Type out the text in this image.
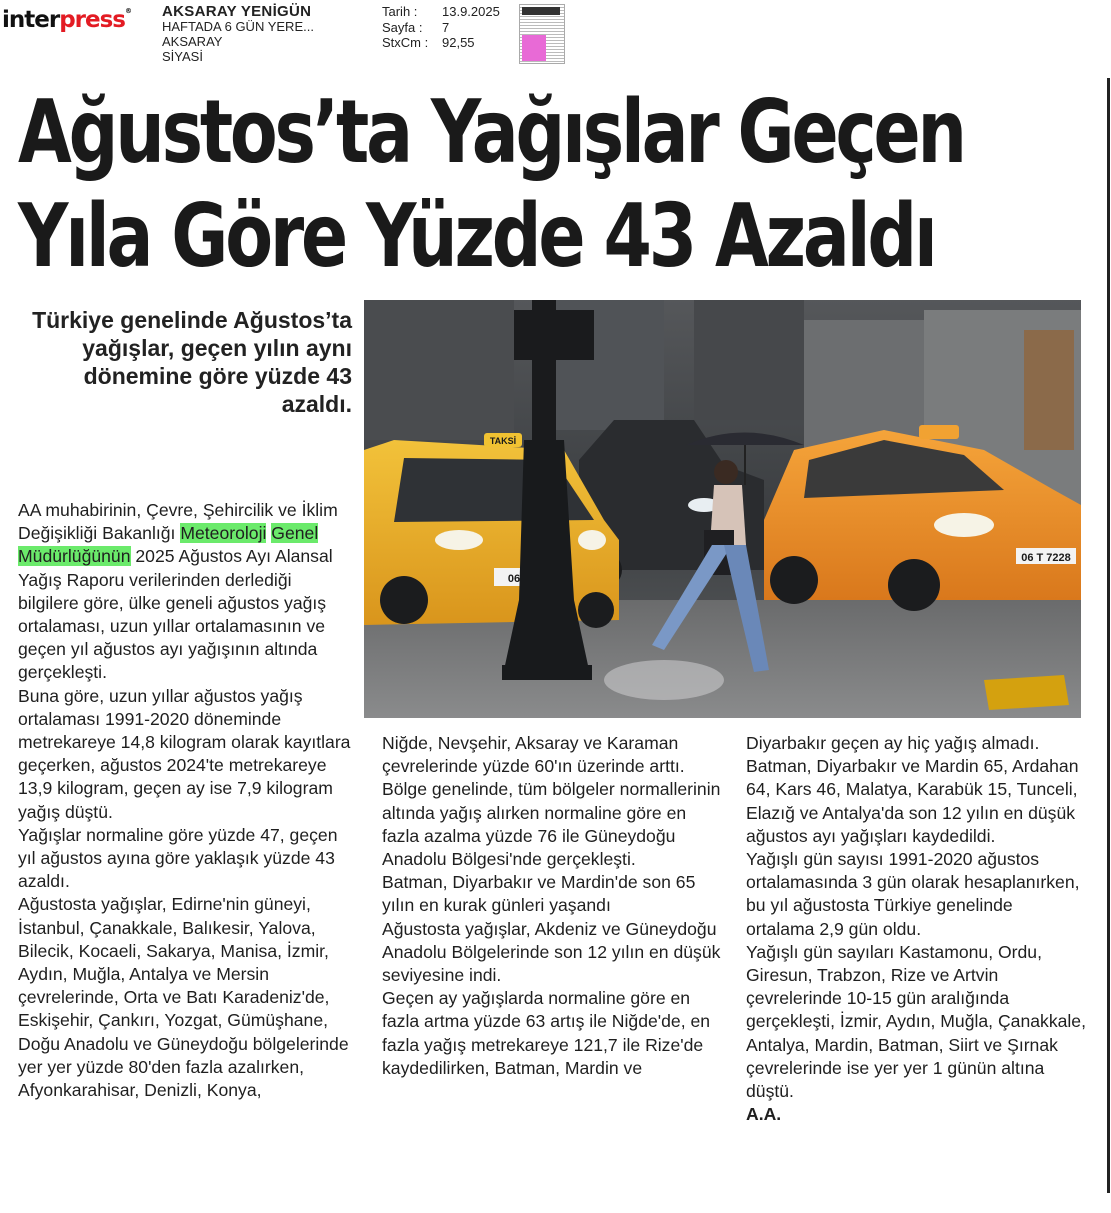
interpress® AKSARAY YENİGÜN
HAFTADA 6 GÜN YERE...
AKSARAY
SİYASİ
Tarih : 13.9.2025
Sayfa : 7
StxCm : 92,55
Ağustos’ta Yağışlar Geçen
Yıla Göre Yüzde 43 Azaldı
Türkiye genelinde Ağustos’ta yağışlar, geçen yılın aynı dönemine göre yüzde 43 azaldı.
TAKSİ
06
06 T 7228

AA muhabirinin, Çevre, Şehircilik ve İklim Değişikliği Bakanlığı Meteoroloji Genel Müdürlüğünün 2025 Ağustos Ayı Alansal Yağış Raporu verilerinden derlediği bilgilere göre, ülke geneli ağustos yağış ortalaması, uzun yıllar ortalamasının ve geçen yıl ağustos ayı yağışının altında gerçekleşti.

Buna göre, uzun yıllar ağustos yağış ortalaması 1991-2020 döneminde metrekareye 14,8 kilogram olarak kayıtlara geçerken, ağustos 2024'te metrekareye 13,9 kilogram, geçen ay ise 7,9 kilogram yağış düştü.

Yağışlar normaline göre yüzde 47, geçen yıl ağustos ayına göre yaklaşık yüzde 43 azaldı.

Ağustosta yağışlar, Edirne'nin güneyi, İstanbul, Çanakkale, Balıkesir, Yalova, Bilecik, Kocaeli, Sakarya, Manisa, İzmir, Aydın, Muğla, Antalya ve Mersin çevrelerinde, Orta ve Batı Karadeniz'de, Eskişehir, Çankırı, Yozgat, Gümüşhane, Doğu Anadolu ve Güneydoğu bölgelerinde yer yer yüzde 80'den fazla azalırken, Afyonkarahisar, Denizli, Konya,

Niğde, Nevşehir, Aksaray ve Karaman çevrelerinde yüzde 60'ın üzerinde arttı.

Bölge genelinde, tüm bölgeler normallerinin altında yağış alırken normaline göre en fazla azalma yüzde 76 ile Güneydoğu Anadolu Bölgesi'nde gerçekleşti.

Batman, Diyarbakır ve Mardin'de son 65 yılın en kurak günleri yaşandı

Ağustosta yağışlar, Akdeniz ve Güneydoğu Anadolu Bölgelerinde son 12 yılın en düşük seviyesine indi.

Geçen ay yağışlarda normaline göre en fazla artma yüzde 63 artış ile Niğde'de, en fazla yağış metrekareye 121,7 ile Rize'de kaydedilirken, Batman, Mardin ve

Diyarbakır geçen ay hiç yağış almadı.

Batman, Diyarbakır ve Mardin 65, Ardahan 64, Kars 46, Malatya, Karabük 15, Tunceli, Elazığ ve Antalya'da son 12 yılın en düşük ağustos ayı yağışları kaydedildi.

Yağışlı gün sayısı 1991-2020 ağustos ortalamasında 3 gün olarak hesaplanırken, bu yıl ağustosta Türkiye genelinde ortalama 2,9 gün oldu.

Yağışlı gün sayıları Kastamonu, Ordu, Giresun, Trabzon, Rize ve Artvin çevrelerinde 10-15 gün aralığında gerçekleşti, İzmir, Aydın, Muğla, Çanakkale, Antalya, Mardin, Batman, Siirt ve Şırnak çevrelerinde ise yer yer 1 günün altına düştü.

A.A.
